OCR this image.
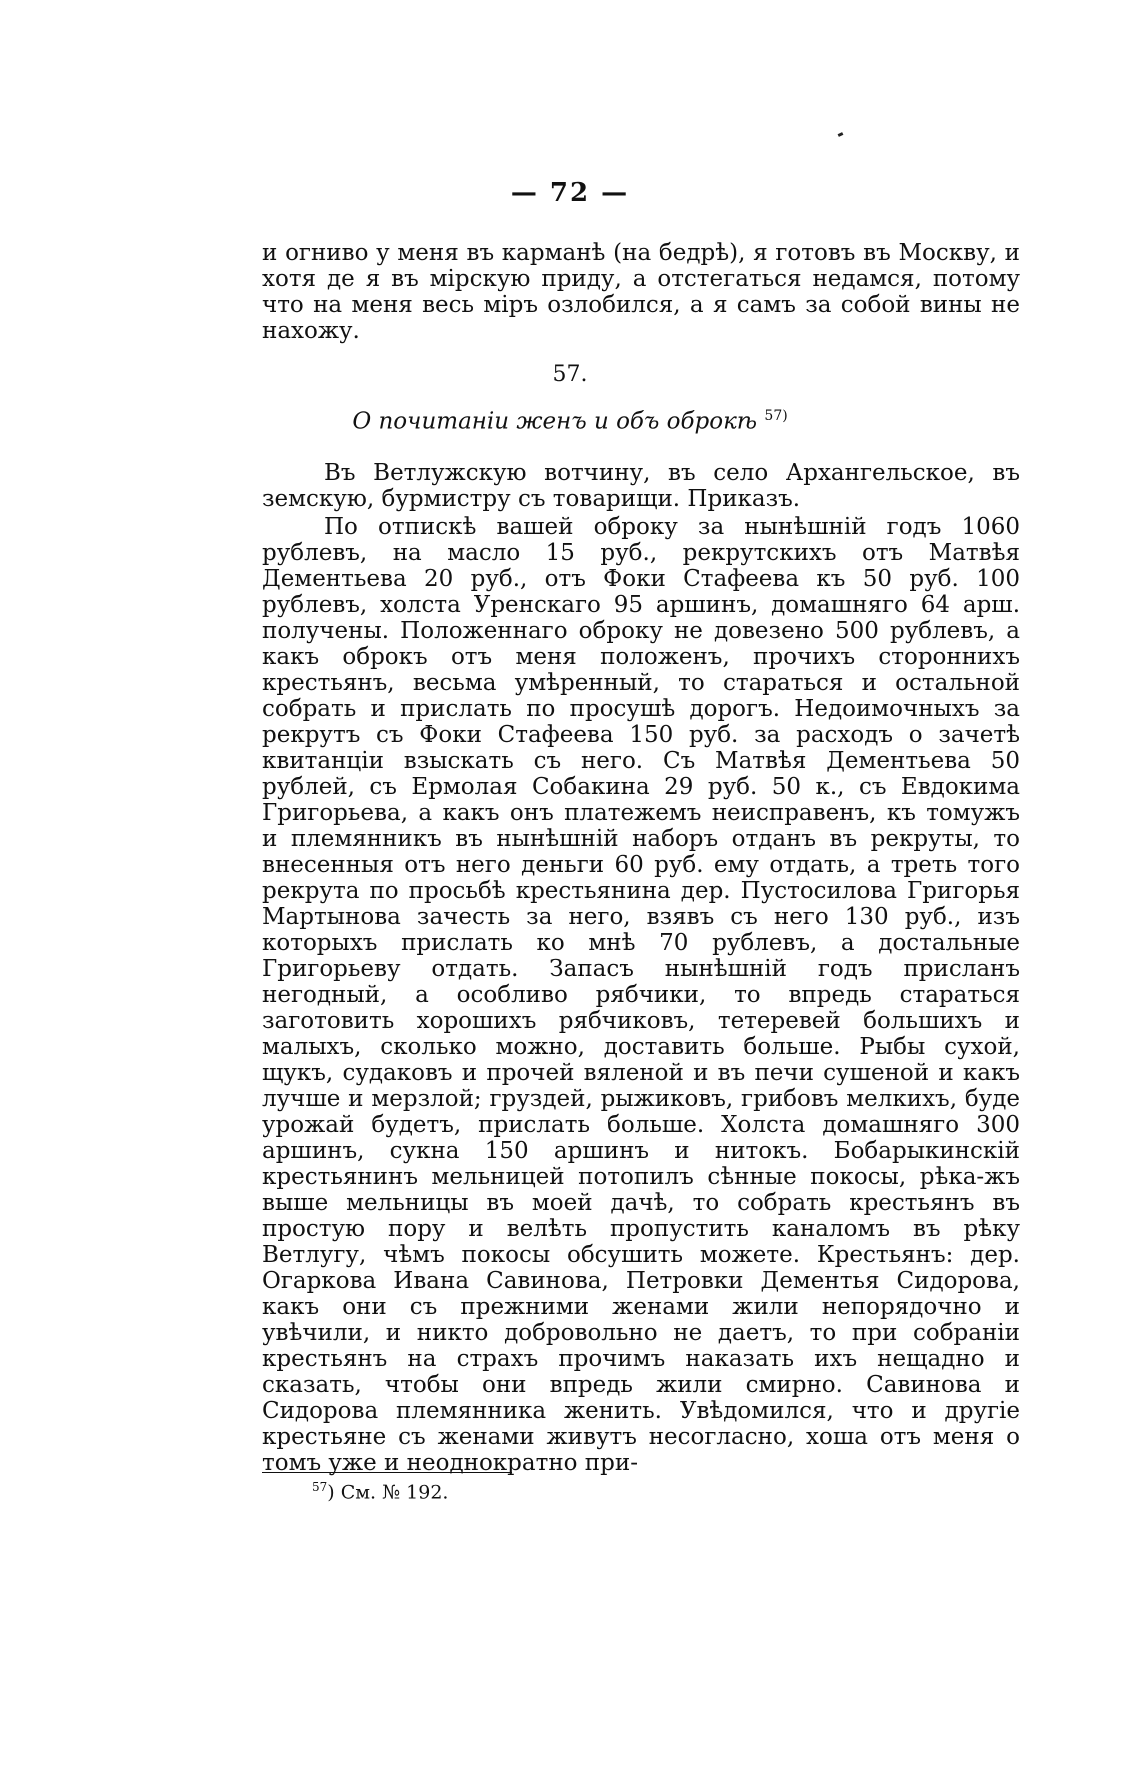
— 72 —
и огниво у меня въ карманѣ (на бедрѣ), я готовъ въ Москву, и хотя де я въ мірскую приду, а отстегаться недамся, потому что на меня весь міръ озлобился, а я самъ за собой вины не нахожу.
57.
О почитаніи женъ и объ оброкѣ $^{57)}$
Въ Ветлужскую вотчину, въ село Архангельское, въ земскую, бурмистру съ товарищи. Приказъ.
По отпискѣ вашей оброку за нынѣшній годъ 1060 рублевъ, на масло 15 руб., рекрутскихъ отъ Матвѣя Дементьева 20 руб., отъ Фоки Стафеева къ 50 руб. 100 рублевъ, холста Уренскаго 95 аршинъ, домашняго 64 арш. получены. Положеннаго оброку не довезено 500 рублевъ, а какъ оброкъ отъ меня положенъ, прочихъ стороннихъ крестьянъ, весьма умѣренный, то стараться и остальной собрать и прислать по просушѣ дорогъ. Недоимочныхъ за рекрутъ съ Фоки Стафеева 150 руб. за расходъ о зачетѣ квитанціи взыскать съ него. Съ Матвѣя Дементьева 50 рублей, съ Ермолая Собакина 29 руб. 50 к., съ Евдокима Григорьева, а какъ онъ платежемъ неисправенъ, къ томужъ и племянникъ въ нынѣшній наборъ отданъ въ рекруты, то внесенныя отъ него деньги 60 руб. ему отдать, а треть того рекрута по просьбѣ крестьянина дер. Пустосилова Григорья Мартынова зачесть за него, взявъ съ него 130 руб., изъ которыхъ прислать ко мнѣ 70 рублевъ, а достальные Григорьеву отдать. Запасъ нынѣшній годъ присланъ негодный, а особливо рябчики, то впредь стараться заготовить хорошихъ рябчиковъ, тетеревей большихъ и малыхъ, сколько можно, доставить больше. Рыбы сухой, щукъ, судаковъ и прочей вяленой и въ печи сушеной и какъ лучше и мерзлой; груздей, рыжиковъ, грибовъ мелкихъ, буде урожай будетъ, прислать больше. Холста домашняго 300 аршинъ, сукна 150 аршинъ и нитокъ. Бобарыкинскій крестьянинъ мельницей потопилъ сѣнные покосы, рѣка-жъ выше мельницы въ моей дачѣ, то собрать крестьянъ въ простую пору и велѣть пропустить каналомъ въ рѣку Ветлугу, чѣмъ покосы обсушить можете. Крестьянъ: дер. Огаркова Ивана Савинова, Петровки Дементья Сидорова, какъ они съ прежними женами жили непорядочно и увѣчили, и никто добровольно не даетъ, то при собраніи крестьянъ на страхъ прочимъ наказать ихъ нещадно и сказать, чтобы они впредь жили смирно. Савинова и Сидорова племянника женить. Увѣдомился, что и другіе крестьяне съ женами живутъ несогласно, хоша отъ меня о томъ уже и неоднократно при-
$^{57}$) См. № 192.
